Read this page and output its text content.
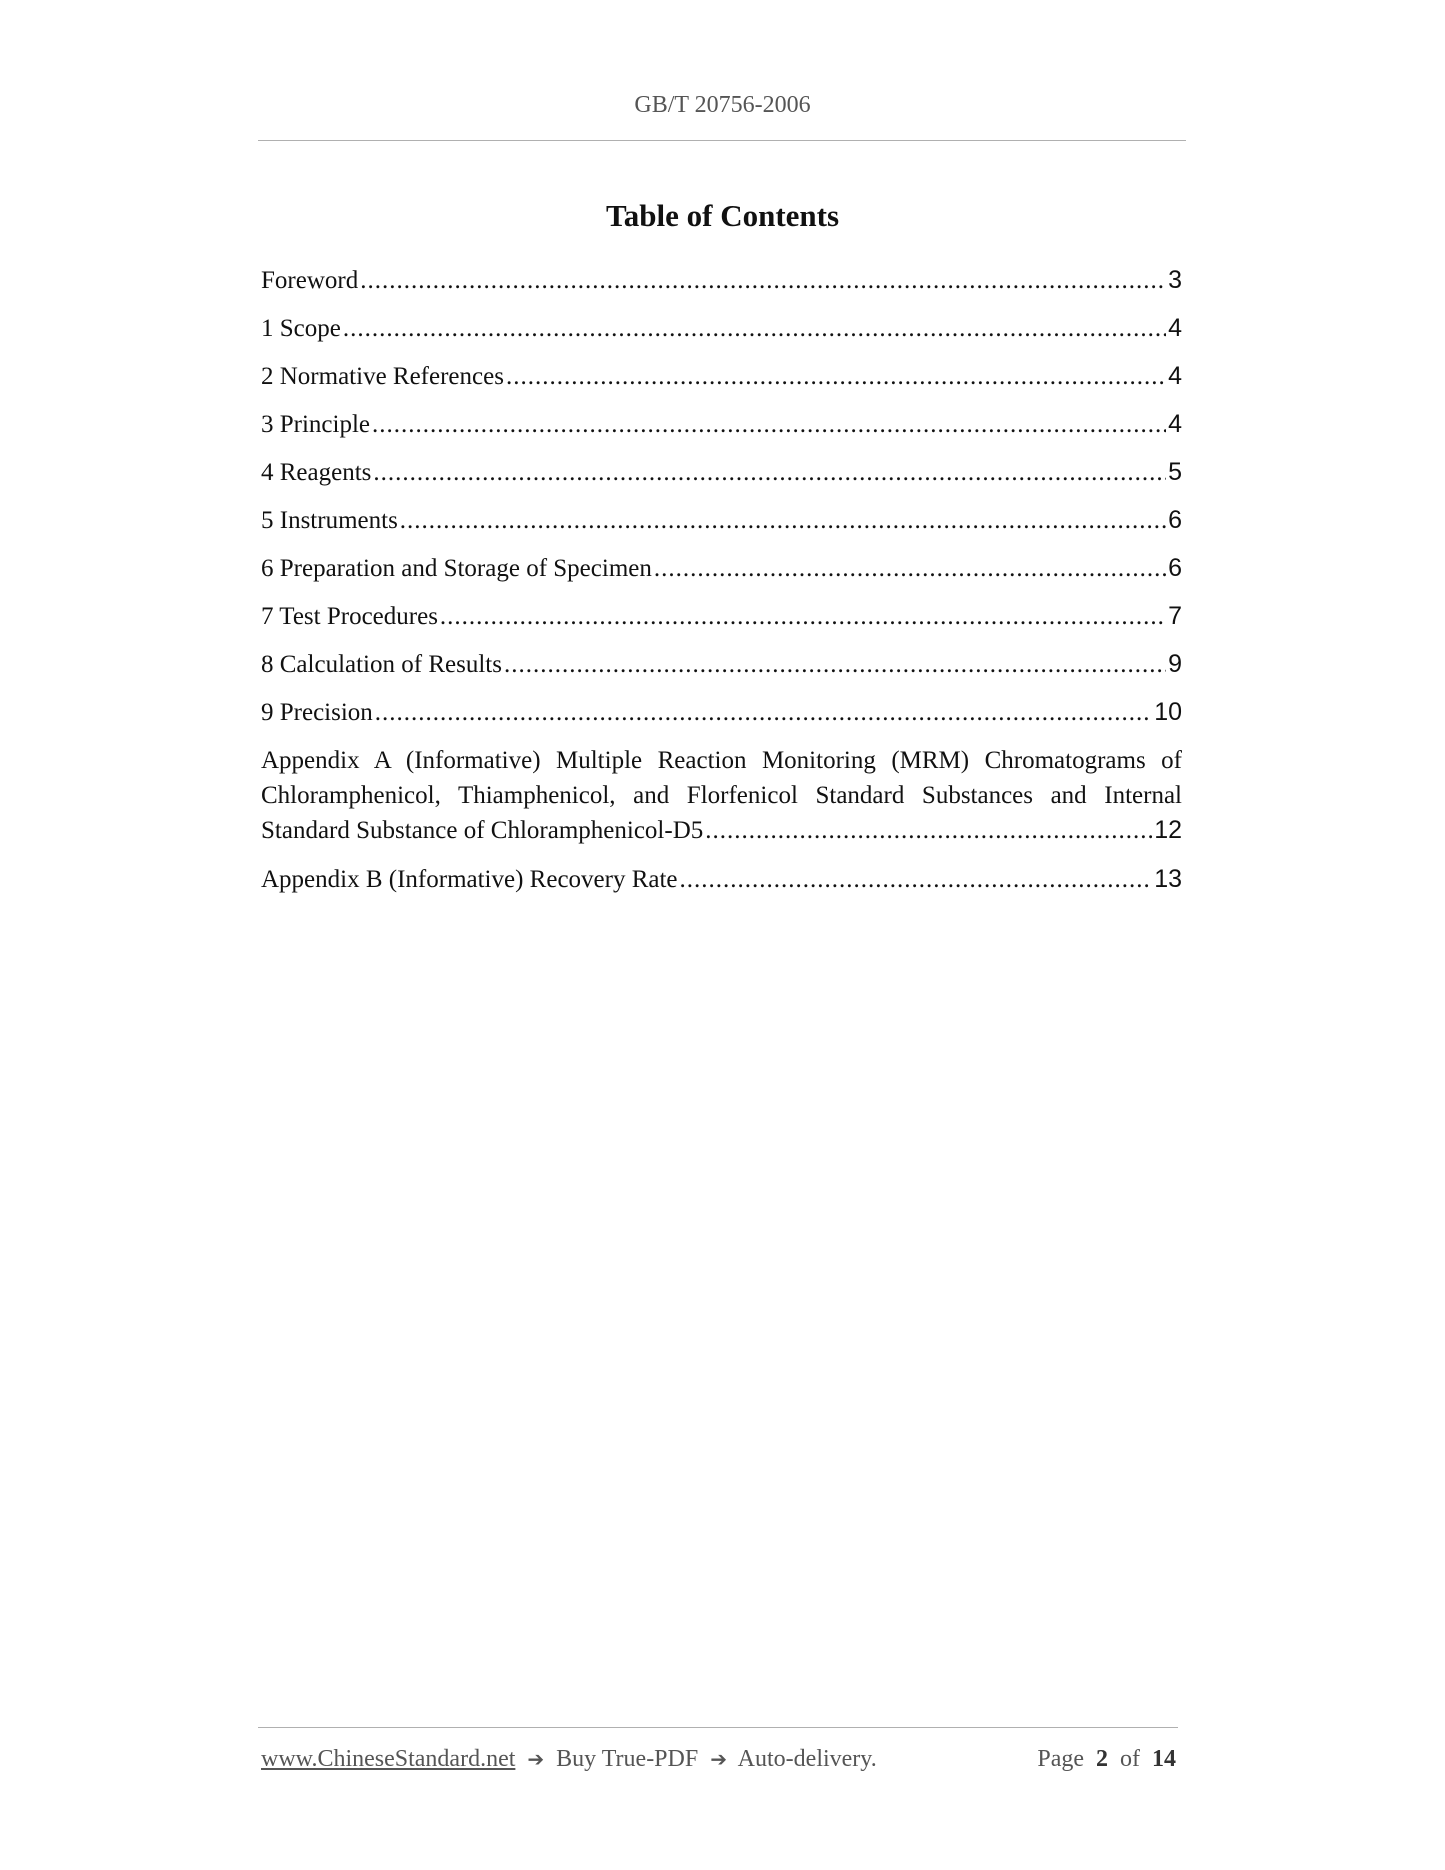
GB/T 20756-2006
Table of Contents
Foreword .....	3
1 Scope .....	4
2 Normative References .....	4
3 Principle .....	4
4 Reagents .....	5
5 Instruments .....	6
6 Preparation and Storage of Specimen .....	6
7 Test Procedures .....	7
8 Calculation of Results .....	9
9 Precision .....	10
Appendix A (Informative) Multiple Reaction Monitoring (MRM) Chromatograms of
Chloramphenicol, Thiamphenicol, and Florfenicol Standard Substances and Internal
Standard Substance of Chloramphenicol-D5 .....	12
Appendix B (Informative) Recovery Rate .....	13
www.ChineseStandard.net ➔ Buy True-PDF ➔ Auto-delivery.	Page 2 of 14
